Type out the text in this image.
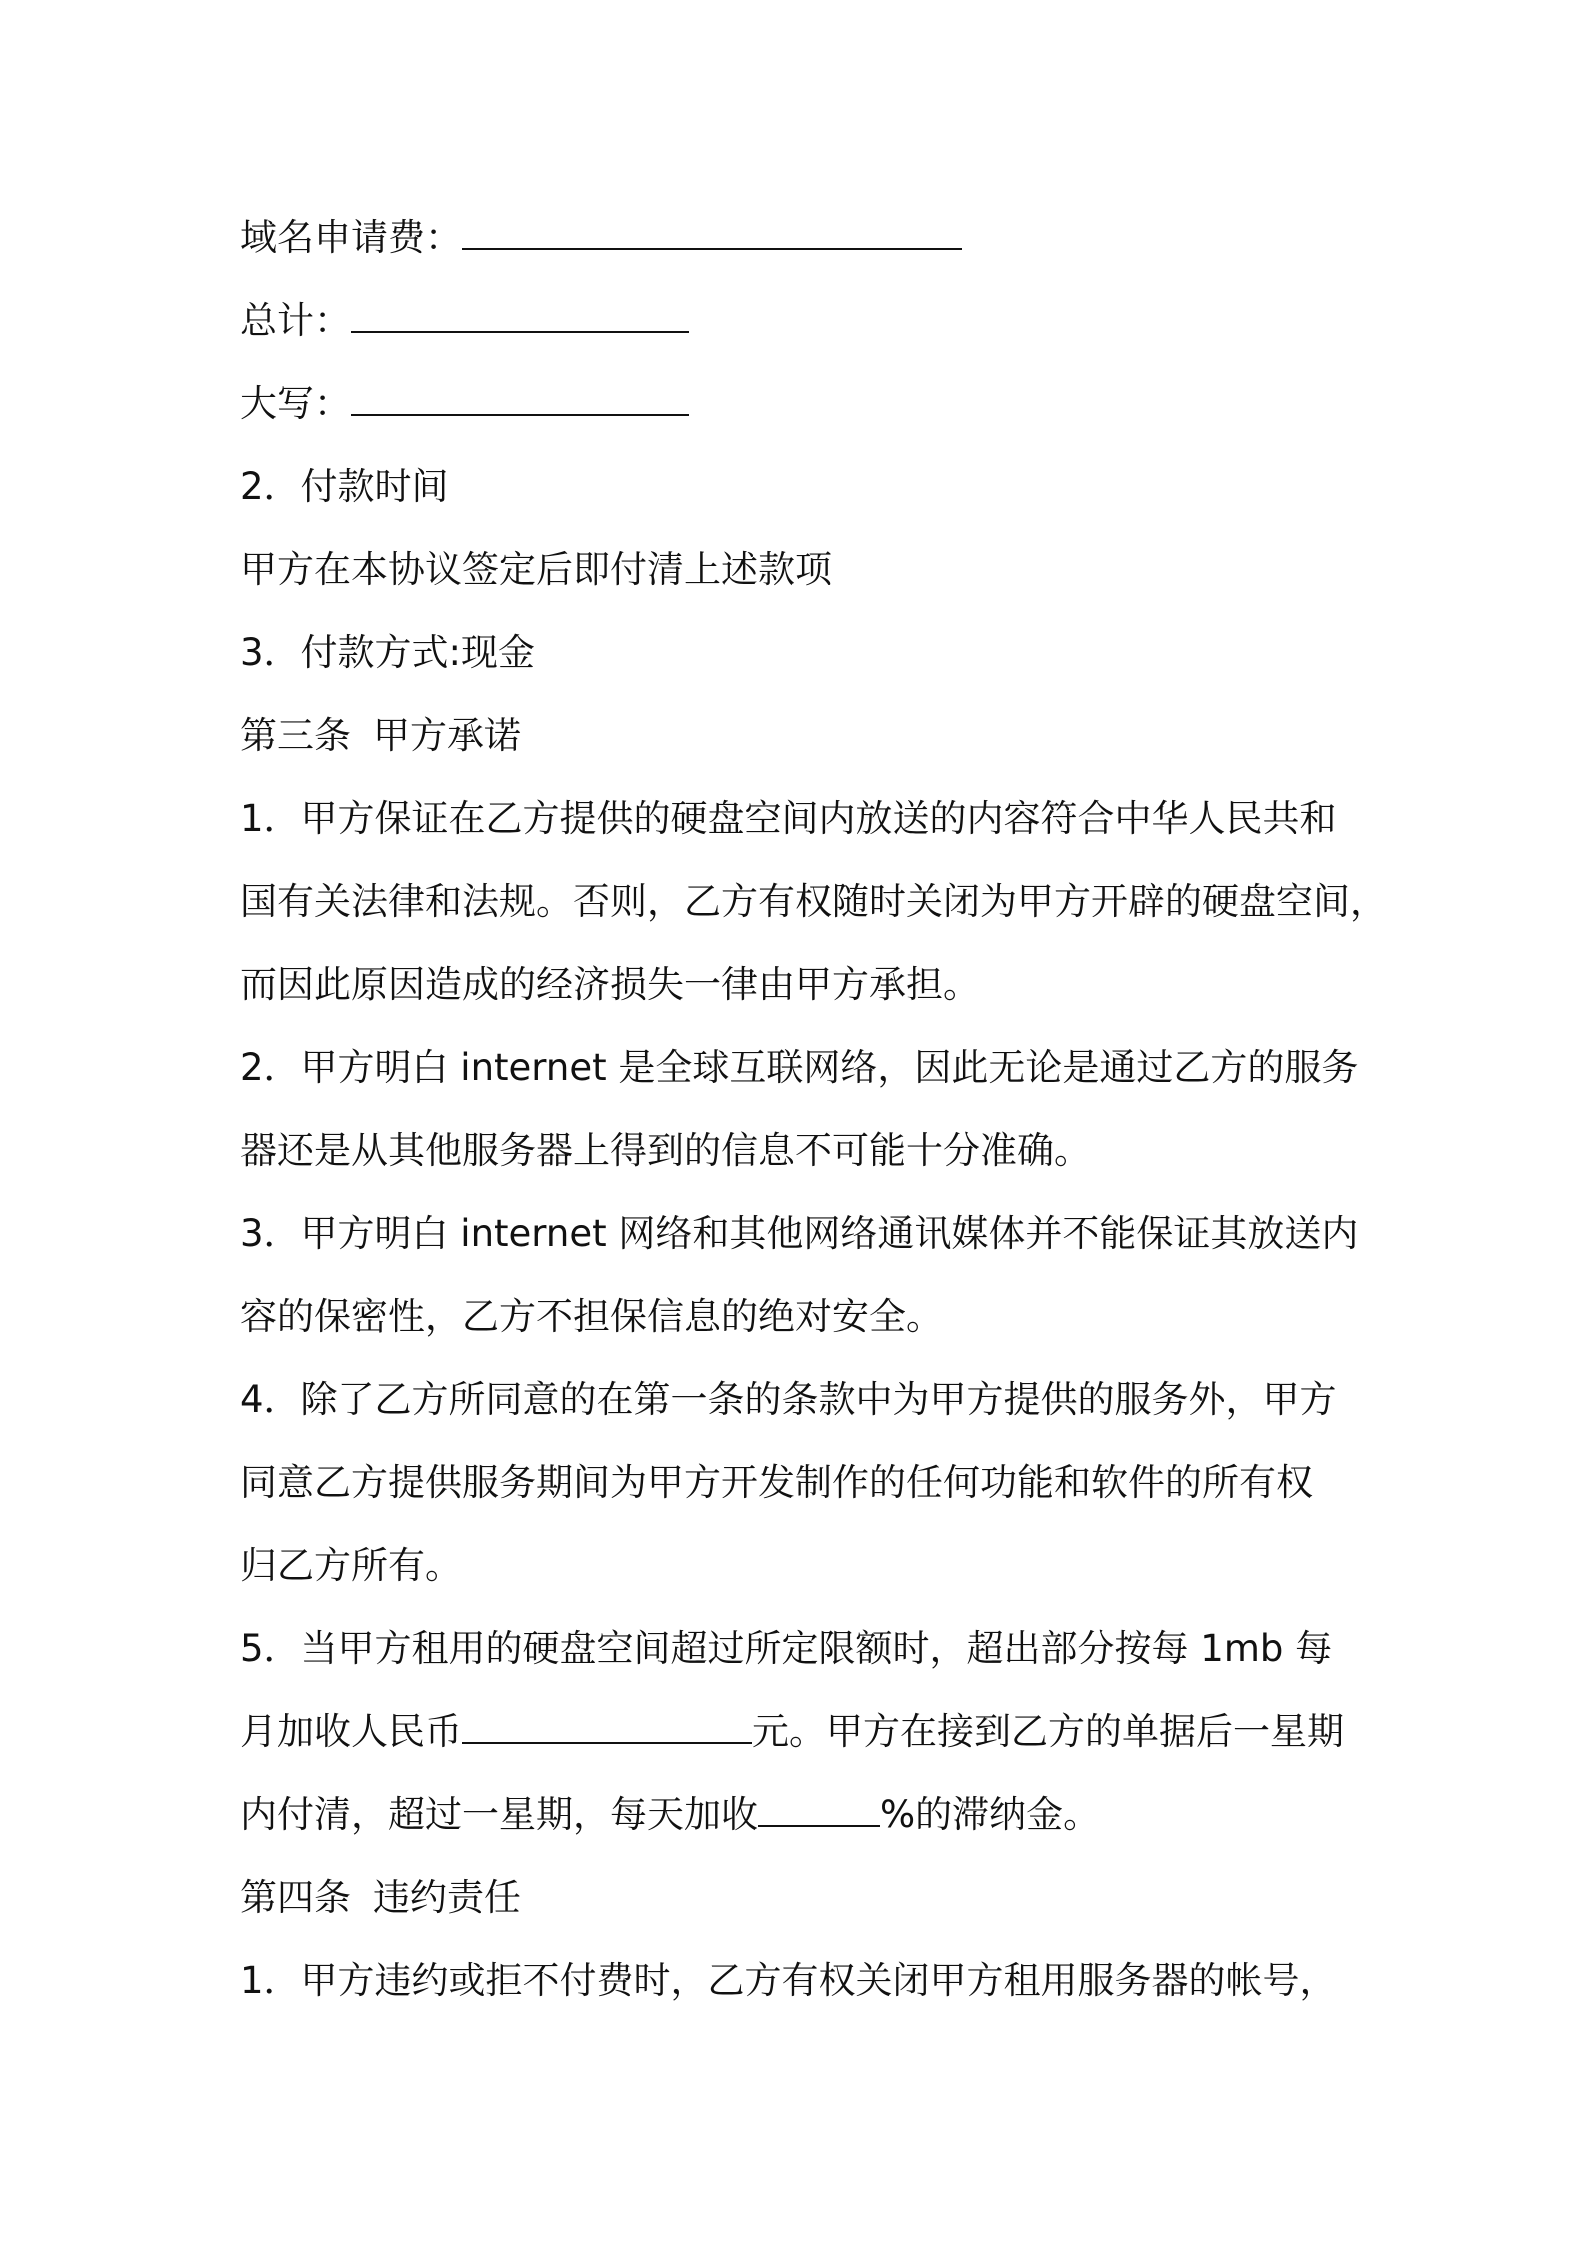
域名申请费：
总计：
大写：
2．付款时间
甲方在本协议签定后即付清上述款项
3．付款方式:现金
第三条 甲方承诺
1．甲方保证在乙方提供的硬盘空间内放送的内容符合中华人民共和
国有关法律和法规。否则，乙方有权随时关闭为甲方开辟的硬盘空间，
而因此原因造成的经济损失一律由甲方承担。
2．甲方明白 internet 是全球互联网络，因此无论是通过乙方的服务
器还是从其他服务器上得到的信息不可能十分准确。
3．甲方明白 internet 网络和其他网络通讯媒体并不能保证其放送内
容的保密性，乙方不担保信息的绝对安全。
4．除了乙方所同意的在第一条的条款中为甲方提供的服务外，甲方
同意乙方提供服务期间为甲方开发制作的任何功能和软件的所有权
归乙方所有。
5．当甲方租用的硬盘空间超过所定限额时，超出部分按每 1mb 每
月加收人民币	元。甲方在接到乙方的单据后一星期
内付清，超过一星期，每天加收	%的滞纳金。
第四条 违约责任
1．甲方违约或拒不付费时，乙方有权关闭甲方租用服务器的帐号，
